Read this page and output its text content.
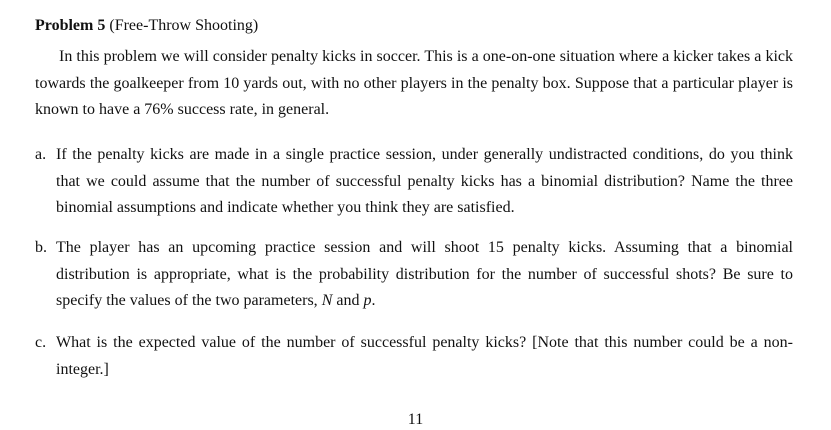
Problem 5 (Free-Throw Shooting)

In this problem we will consider penalty kicks in soccer. This is a one-on-one situation where a kicker takes a kick towards the goalkeeper from 10 yards out, with no other players in the penalty box. Suppose that a particular player is known to have a 76% success rate, in general.

a. If the penalty kicks are made in a single practice session, under generally undistracted conditions, do you think that we could assume that the number of successful penalty kicks has a binomial distribution? Name the three binomial assumptions and indicate whether you think they are satisfied.
b. The player has an upcoming practice session and will shoot 15 penalty kicks. Assuming that a binomial distribution is appropriate, what is the probability distribution for the number of successful shots? Be sure to specify the values of the two parameters, N and p.
c. What is the expected value of the number of successful penalty kicks? [Note that this number could be a non-integer.]
11
